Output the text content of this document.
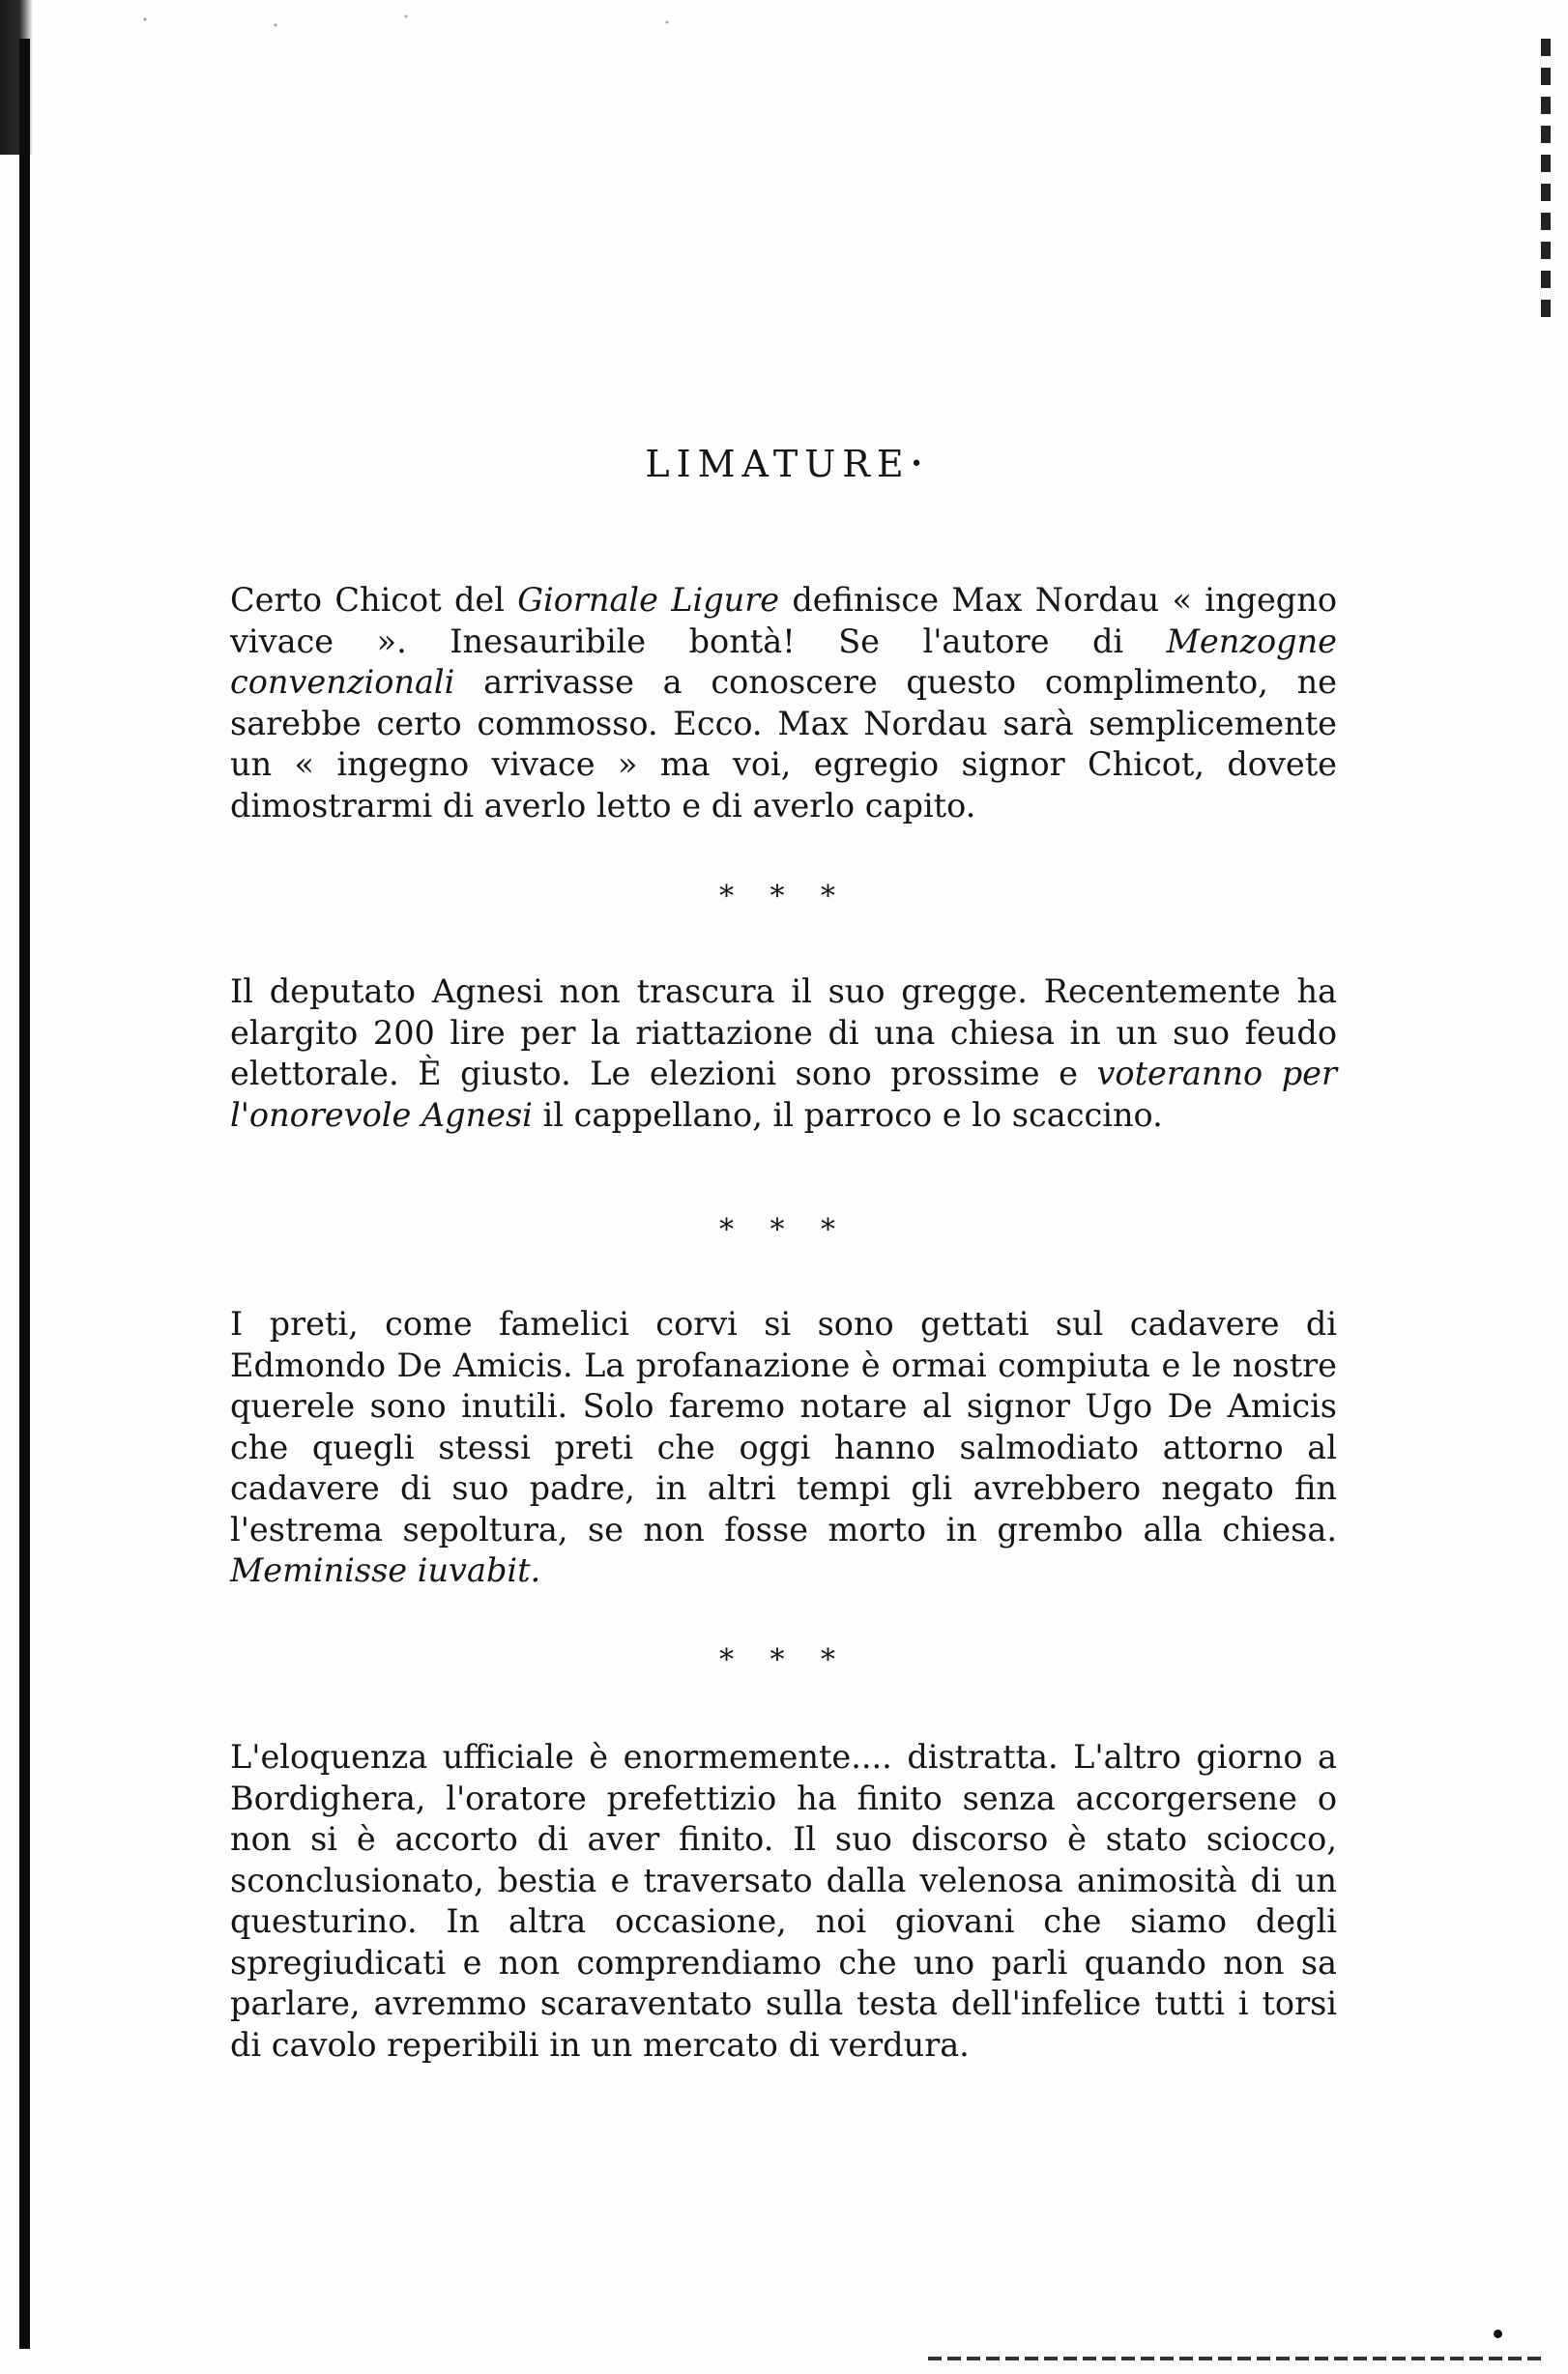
LIMATURE•

Certo Chicot del Giornale Ligure definisce Max Nordau « ingegno vivace ». Inesauribile bontà! Se l'autore di Menzogne convenzionali arrivasse a conoscere questo complimento, ne sarebbe certo commosso. Ecco. Max Nordau sarà semplicemente un « ingegno vivace » ma voi, egregio signor Chicot, dovete dimostrarmi di averlo letto e di averlo capito.

* * *

Il deputato Agnesi non trascura il suo gregge. Recentemente ha elargito 200 lire per la riattazione di una chiesa in un suo feudo elettorale. È giusto. Le elezioni sono prossime e voteranno per l'onorevole Agnesi il cappellano, il parroco e lo scaccino.

* * *

I preti, come famelici corvi si sono gettati sul cadavere di Edmondo De Amicis. La profanazione è ormai compiuta e le nostre querele sono inutili. Solo faremo notare al signor Ugo De Amicis che quegli stessi preti che oggi hanno salmodiato attorno al cadavere di suo padre, in altri tempi gli avrebbero negato fin l'estrema sepoltura, se non fosse morto in grembo alla chiesa. Meminisse iuvabit.

* * *

L'eloquenza ufficiale è enormemente.... distratta. L'altro giorno a Bordighera, l'oratore prefettizio ha finito senza accorgersene o non si è accorto di aver finito. Il suo discorso è stato sciocco, sconclusionato, bestia e traversato dalla velenosa animosità di un questurino. In altra occasione, noi giovani che siamo degli spregiudicati e non comprendiamo che uno parli quando non sa parlare, avremmo scaraventato sulla testa dell'infelice tutti i torsi di cavolo reperibili in un mercato di verdura.
